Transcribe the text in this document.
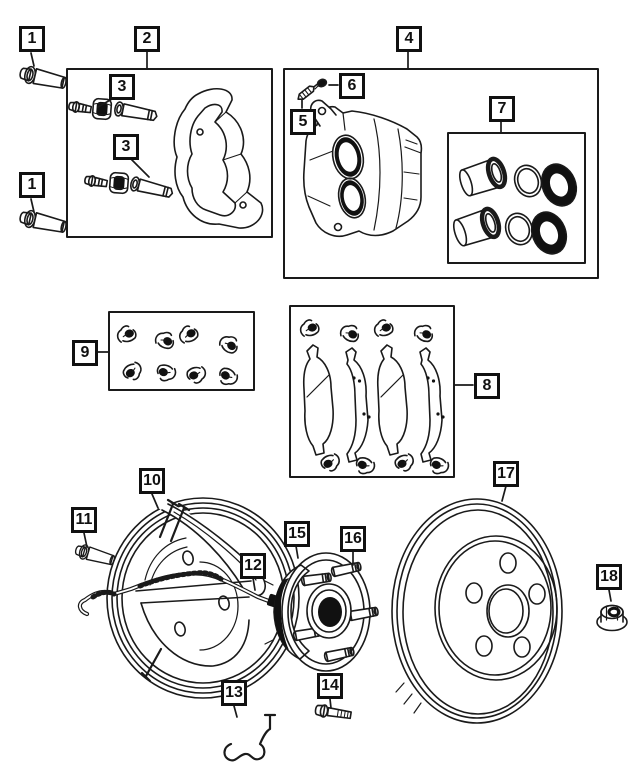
1	2
3
3
1
4
5
6
7
8
9
10
11
12
13	14
15 16
17
18
